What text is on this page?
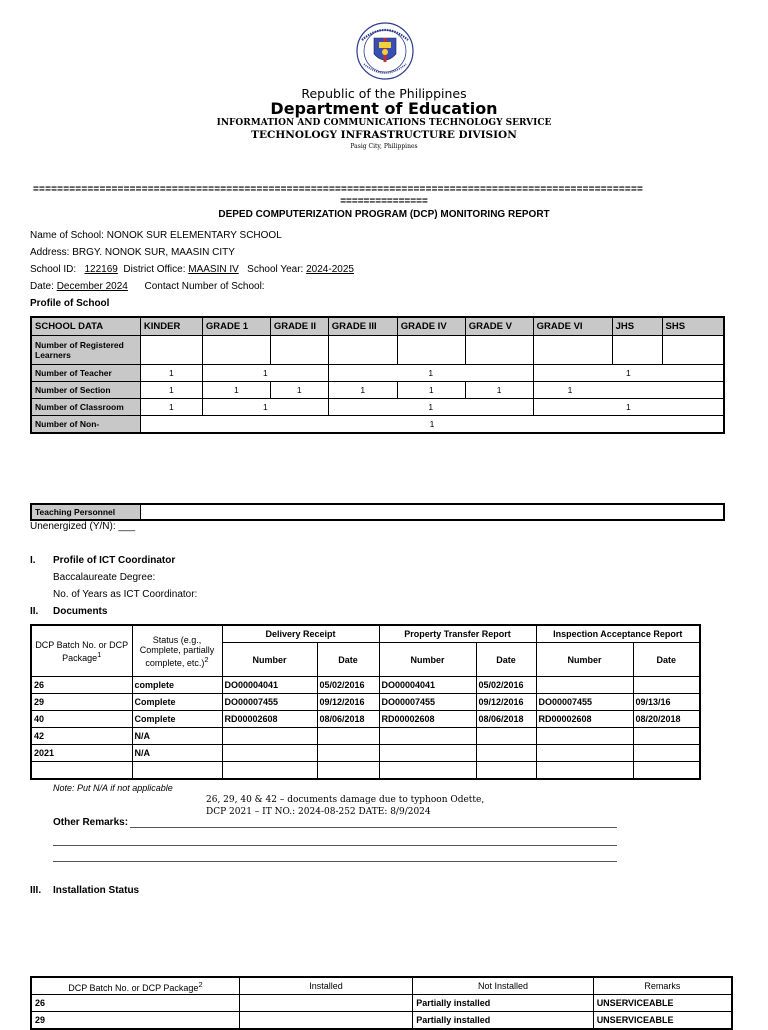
Republic of the Philippines
Department of Education
INFORMATION AND COMMUNICATIONS TECHNOLOGY SERVICE
TECHNOLOGY INFRASTRUCTURE DIVISION
Pasig City, Philippines
=====================================================================================================
===============
DEPED COMPUTERIZATION PROGRAM (DCP) MONITORING REPORT
Name of School: NONOK SUR ELEMENTARY SCHOOL
Address: BRGY. NONOK SUR, MAASIN CITY
School ID: 122169 District Office: MAASIN IV School Year: 2024-2025
Date: December 2024 Contact Number of School:
Profile of School
SCHOOL DATA	KINDER	GRADE 1	GRADE II	GRADE III	GRADE IV	GRADE V	GRADE VI	JHS	SHS
Number of Registered Learners									
Number of Teacher	1	1		1			1		
Number of Section	1	1	1	1	1	1	1		
Number of Classroom	1	1		1			1		
Number of Non-	1								
Teaching Personnel	
Unenergized (Y/N): ___
I. Profile of ICT Coordinator
Baccalaureate Degree:
No. of Years as ICT Coordinator:
II. Documents
DCP Batch No. or DCP Package$^1$	Status (e.g., Complete, partially complete, etc.)$^2$	Delivery Receipt		Property Transfer Report		Inspection Acceptance Report	
		Number	Date	Number	Date	Number	Date
26	complete	DO00004041	05/02/2016	DO00004041	05/02/2016		
29	Complete	DO00007455	09/12/2016	DO00007455	09/12/2016	DO00007455	09/13/16
40	Complete	RD00002608	08/06/2018	RD00002608	08/06/2018	RD00002608	08/20/2018
42	N/A						
2021	N/A						

Note: Put N/A if not applicable
26, 29, 40 & 42 – documents damage due to typhoon Odette,
DCP 2021 – IT NO.: 2024-08-252 DATE: 8/9/2024
Other Remarks:
III. Installation Status
DCP Batch No. or DCP Package$^2$	Installed	Not Installed	Remarks
26		Partially installed	UNSERVICEABLE
29		Partially installed	UNSERVICEABLE
